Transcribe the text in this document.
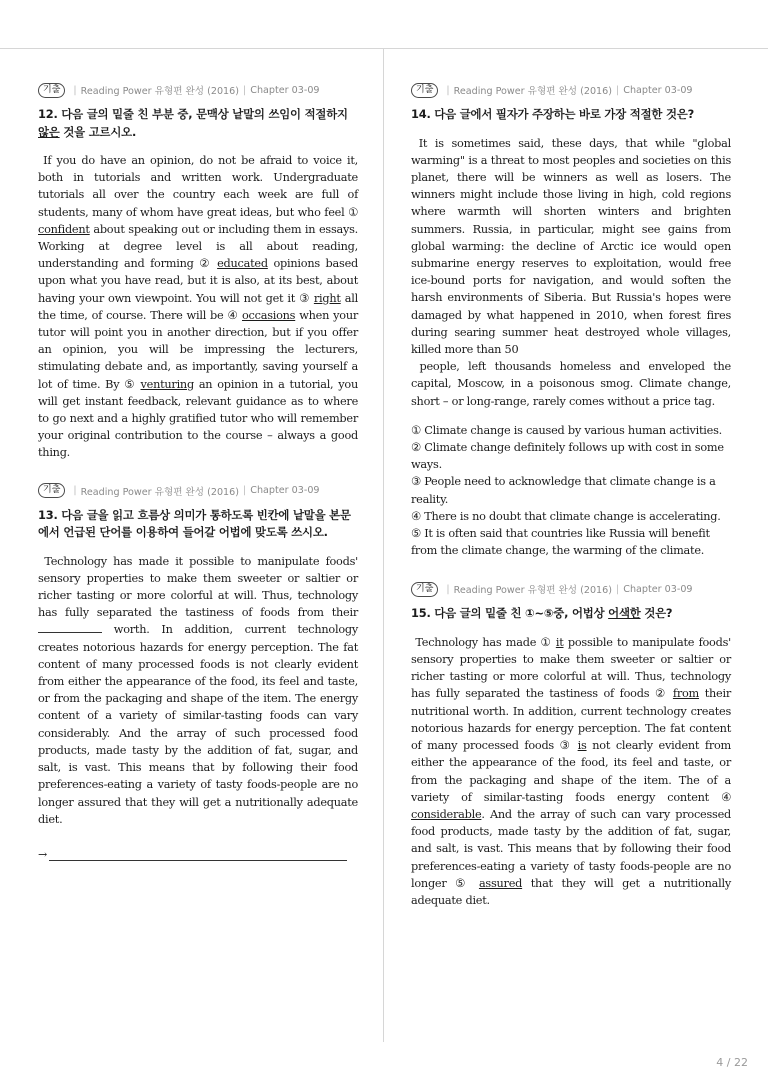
기출	| Reading Power 유형편 완성 (2016) | Chapter 03-09
12. 다음 글의 밑줄 친 부분 중, 문맥상 낱말의 쓰임이 적절하지 않은 것을 고르시오.
If you do have an opinion, do not be afraid to voice it, both in tutorials and written work. Undergraduate tutorials all over the country each week are full of students, many of whom have great ideas, but who feel ① confident about speaking out or including them in essays. Working at degree level is all about reading, understanding and forming ② educated opinions based upon what you have read, but it is also, at its best, about having your own viewpoint. You will not get it ③ right all the time, of course. There will be ④ occasions when your tutor will point you in another direction, but if you offer an opinion, you will be impressing the lecturers, stimulating debate and, as importantly, saving yourself a lot of time. By ⑤ venturing an opinion in a tutorial, you will get instant feedback, relevant guidance as to where to go next and a highly gratified tutor who will remember your original contribution to the course – always a good thing.
기출	| Reading Power 유형편 완성 (2016) | Chapter 03-09
13. 다음 글을 읽고 흐름상 의미가 통하도록 빈칸에 낱말을 본문에서 언급된 단어를 이용하여 들어갈 어법에 맞도록 쓰시오.
Technology has made it possible to manipulate foods' sensory properties to make them sweeter or saltier or richer tasting or more colorful at will. Thus, technology has fully separated the tastiness of foods from their  worth. In addition, current technology creates notorious hazards for energy perception. The fat content of many processed foods is not clearly evident from either the appearance of the food, its feel and taste, or from the packaging and shape of the item. The energy content of a variety of similar-tasting foods can vary considerably. And the array of such processed food products, made tasty by the addition of fat, sugar, and salt, is vast. This means that by following their food preferences-eating a variety of tasty foods-people are no longer assured that they will get a nutritionally adequate diet.
→
기출	| Reading Power 유형편 완성 (2016) | Chapter 03-09
14. 다음 글에서 필자가 주장하는 바로 가장 적절한 것은?
It is sometimes said, these days, that while "global warming" is a threat to most peoples and societies on this planet, there will be winners as well as losers. The winners might include those living in high, cold regions where warmth will shorten winters and brighten summers. Russia, in particular, might see gains from global warming: the decline of Arctic ice would open submarine energy reserves to exploitation, would free ice-bound ports for navigation, and would soften the harsh environments of Siberia. But Russia's hopes were damaged by what happened in 2010, when forest fires during searing summer heat destroyed whole villages, killed more than 50
people, left thousands homeless and enveloped the capital, Moscow, in a poisonous smog. Climate change, short – or long-range, rarely comes without a price tag.
① Climate change is caused by various human activities.
② Climate change definitely follows up with cost in some ways.
③ People need to acknowledge that climate change is a reality.
④ There is no doubt that climate change is accelerating.
⑤ It is often said that countries like Russia will benefit from the climate change, the warming of the climate.
기출	| Reading Power 유형편 완성 (2016) | Chapter 03-09
15. 다음 글의 밑줄 친 ①~⑤중, 어법상 어색한 것은?
Technology has made ① it possible to manipulate foods' sensory properties to make them sweeter or saltier or richer tasting or more colorful at will. Thus, technology has fully separated the tastiness of foods ② from their nutritional worth. In addition, current technology creates notorious hazards for energy perception. The fat content of many processed foods ③ is not clearly evident from either the appearance of the food, its feel and taste, or from the packaging and shape of the item. The of a variety of similar-tasting foods energy content ④ considerable. And the array of such can vary processed food products, made tasty by the addition of fat, sugar, and salt, is vast. This means that by following their food preferences-eating a variety of tasty foods-people are no longer ⑤ assured that they will get a nutritionally adequate diet.
4 / 22
